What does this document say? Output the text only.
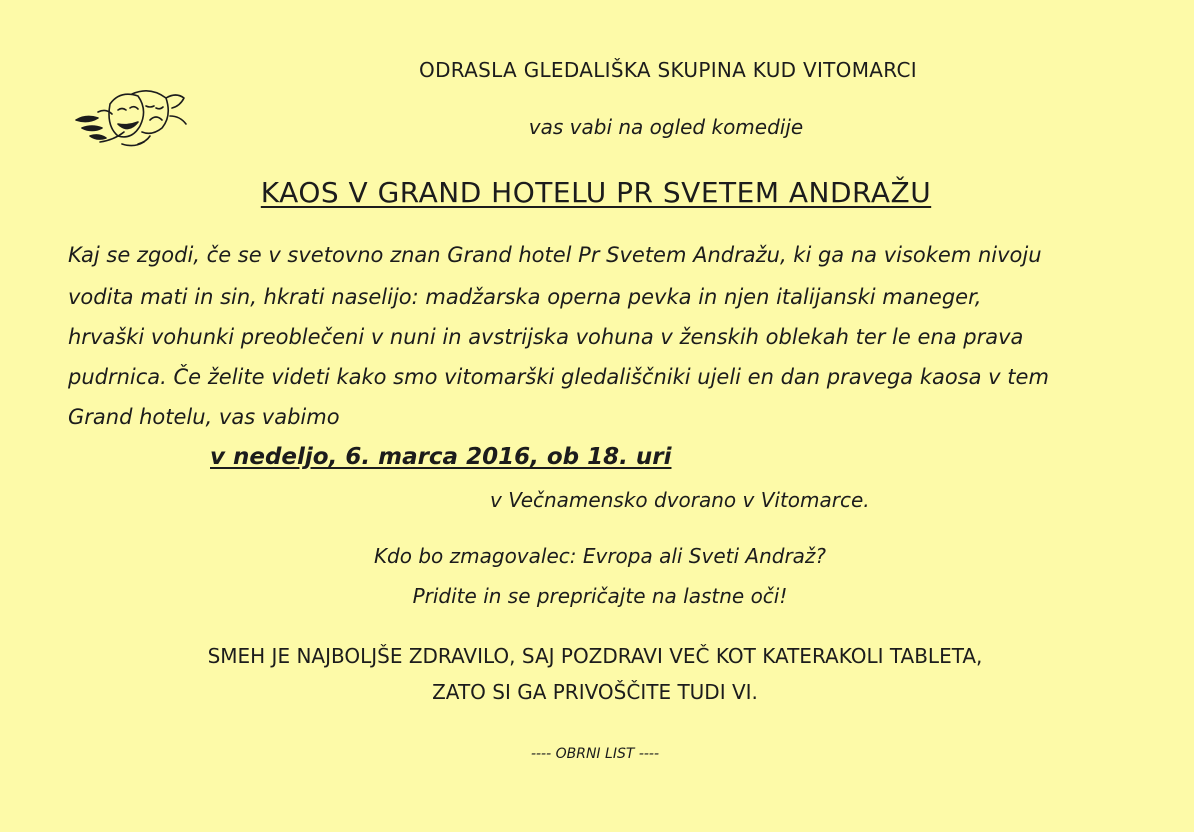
ODRASLA GLEDALIŠKA SKUPINA KUD VITOMARCI
vas vabi na ogled komedije
KAOS V GRAND HOTELU PR SVETEM ANDRAŽU
Kaj se zgodi, če se v svetovno znan Grand hotel Pr Svetem Andražu, ki ga na visokem nivoju
vodita mati in sin, hkrati naselijo: madžarska operna pevka in njen italijanski maneger,
hrvaški vohunki preoblečeni v nuni in avstrijska vohuna v ženskih oblekah ter le ena prava
pudrnica. Če želite videti kako smo vitomarški gledališčniki ujeli en dan pravega kaosa v tem
Grand hotelu, vas vabimo
v nedeljo, 6. marca 2016, ob 18. uri
v Večnamensko dvorano v Vitomarce.
Kdo bo zmagovalec: Evropa ali Sveti Andraž?
Pridite in se prepričajte na lastne oči!
SMEH JE NAJBOLJŠE ZDRAVILO, SAJ POZDRAVI VEČ KOT KATERAKOLI TABLETA,
ZATO SI GA PRIVOŠČITE TUDI VI.
---- OBRNI LIST ----
